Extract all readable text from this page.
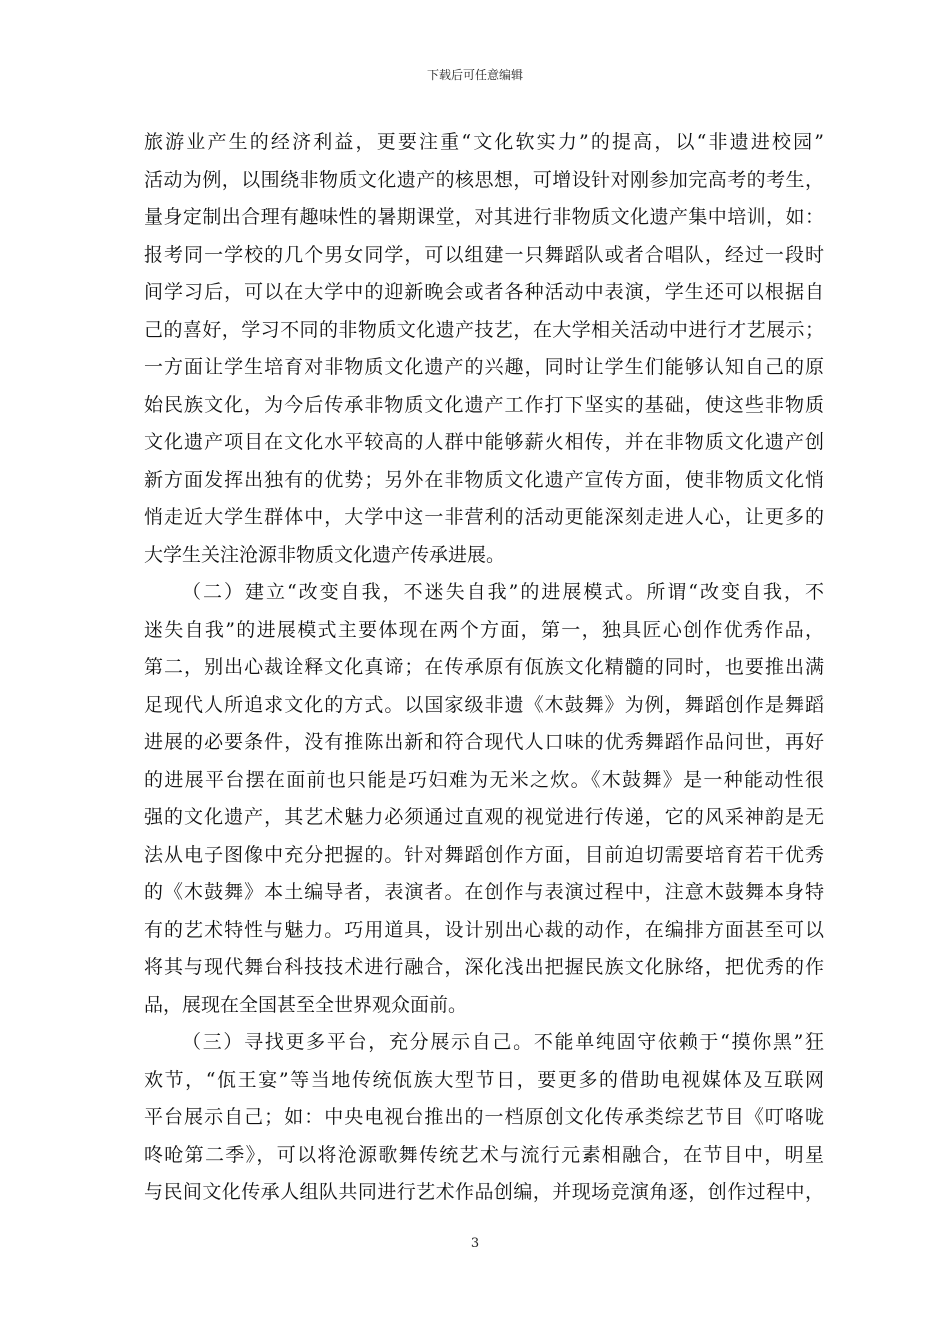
下载后可任意编辑
旅游业产生的经济利益，更要注重“文化软实力”的提高，以“非遗进校园”
活动为例，以围绕非物质文化遗产的核思想，可增设针对刚参加完高考的考生，
量身定制出合理有趣味性的暑期课堂，对其进行非物质文化遗产集中培训，如：
报考同一学校的几个男女同学，可以组建一只舞蹈队或者合唱队，经过一段时
间学习后，可以在大学中的迎新晚会或者各种活动中表演，学生还可以根据自
己的喜好，学习不同的非物质文化遗产技艺，在大学相关活动中进行才艺展示；
一方面让学生培育对非物质文化遗产的兴趣，同时让学生们能够认知自己的原
始民族文化，为今后传承非物质文化遗产工作打下坚实的基础，使这些非物质
文化遗产项目在文化水平较高的人群中能够薪火相传，并在非物质文化遗产创
新方面发挥出独有的优势；另外在非物质文化遗产宣传方面，使非物质文化悄
悄走近大学生群体中，大学中这一非营利的活动更能深刻走进人心，让更多的
大学生关注沧源非物质文化遗产传承进展。
（二）建立“改变自我，不迷失自我”的进展模式。所谓“改变自我，不
迷失自我”的进展模式主要体现在两个方面，第一，独具匠心创作优秀作品，
第二，别出心裁诠释文化真谛；在传承原有佤族文化精髓的同时，也要推出满
足现代人所追求文化的方式。以国家级非遗《木鼓舞》为例，舞蹈创作是舞蹈
进展的必要条件，没有推陈出新和符合现代人口味的优秀舞蹈作品问世，再好
的进展平台摆在面前也只能是巧妇难为无米之炊。《木鼓舞》是一种能动性很
强的文化遗产，其艺术魅力必须通过直观的视觉进行传递，它的风采神韵是无
法从电子图像中充分把握的。针对舞蹈创作方面，目前迫切需要培育若干优秀
的《木鼓舞》本土编导者，表演者。在创作与表演过程中，注意木鼓舞本身特
有的艺术特性与魅力。巧用道具，设计别出心裁的动作，在编排方面甚至可以
将其与现代舞台科技技术进行融合，深化浅出把握民族文化脉络，把优秀的作
品，展现在全国甚至全世界观众面前。
（三）寻找更多平台，充分展示自己。不能单纯固守依赖于“摸你黑”狂
欢节，“佤王宴”等当地传统佤族大型节日，要更多的借助电视媒体及互联网
平台展示自己；如：中央电视台推出的一档原创文化传承类综艺节目《叮咯咙
咚呛第二季》，可以将沧源歌舞传统艺术与流行元素相融合，在节目中，明星
与民间文化传承人组队共同进行艺术作品创编，并现场竞演角逐，创作过程中，
3
